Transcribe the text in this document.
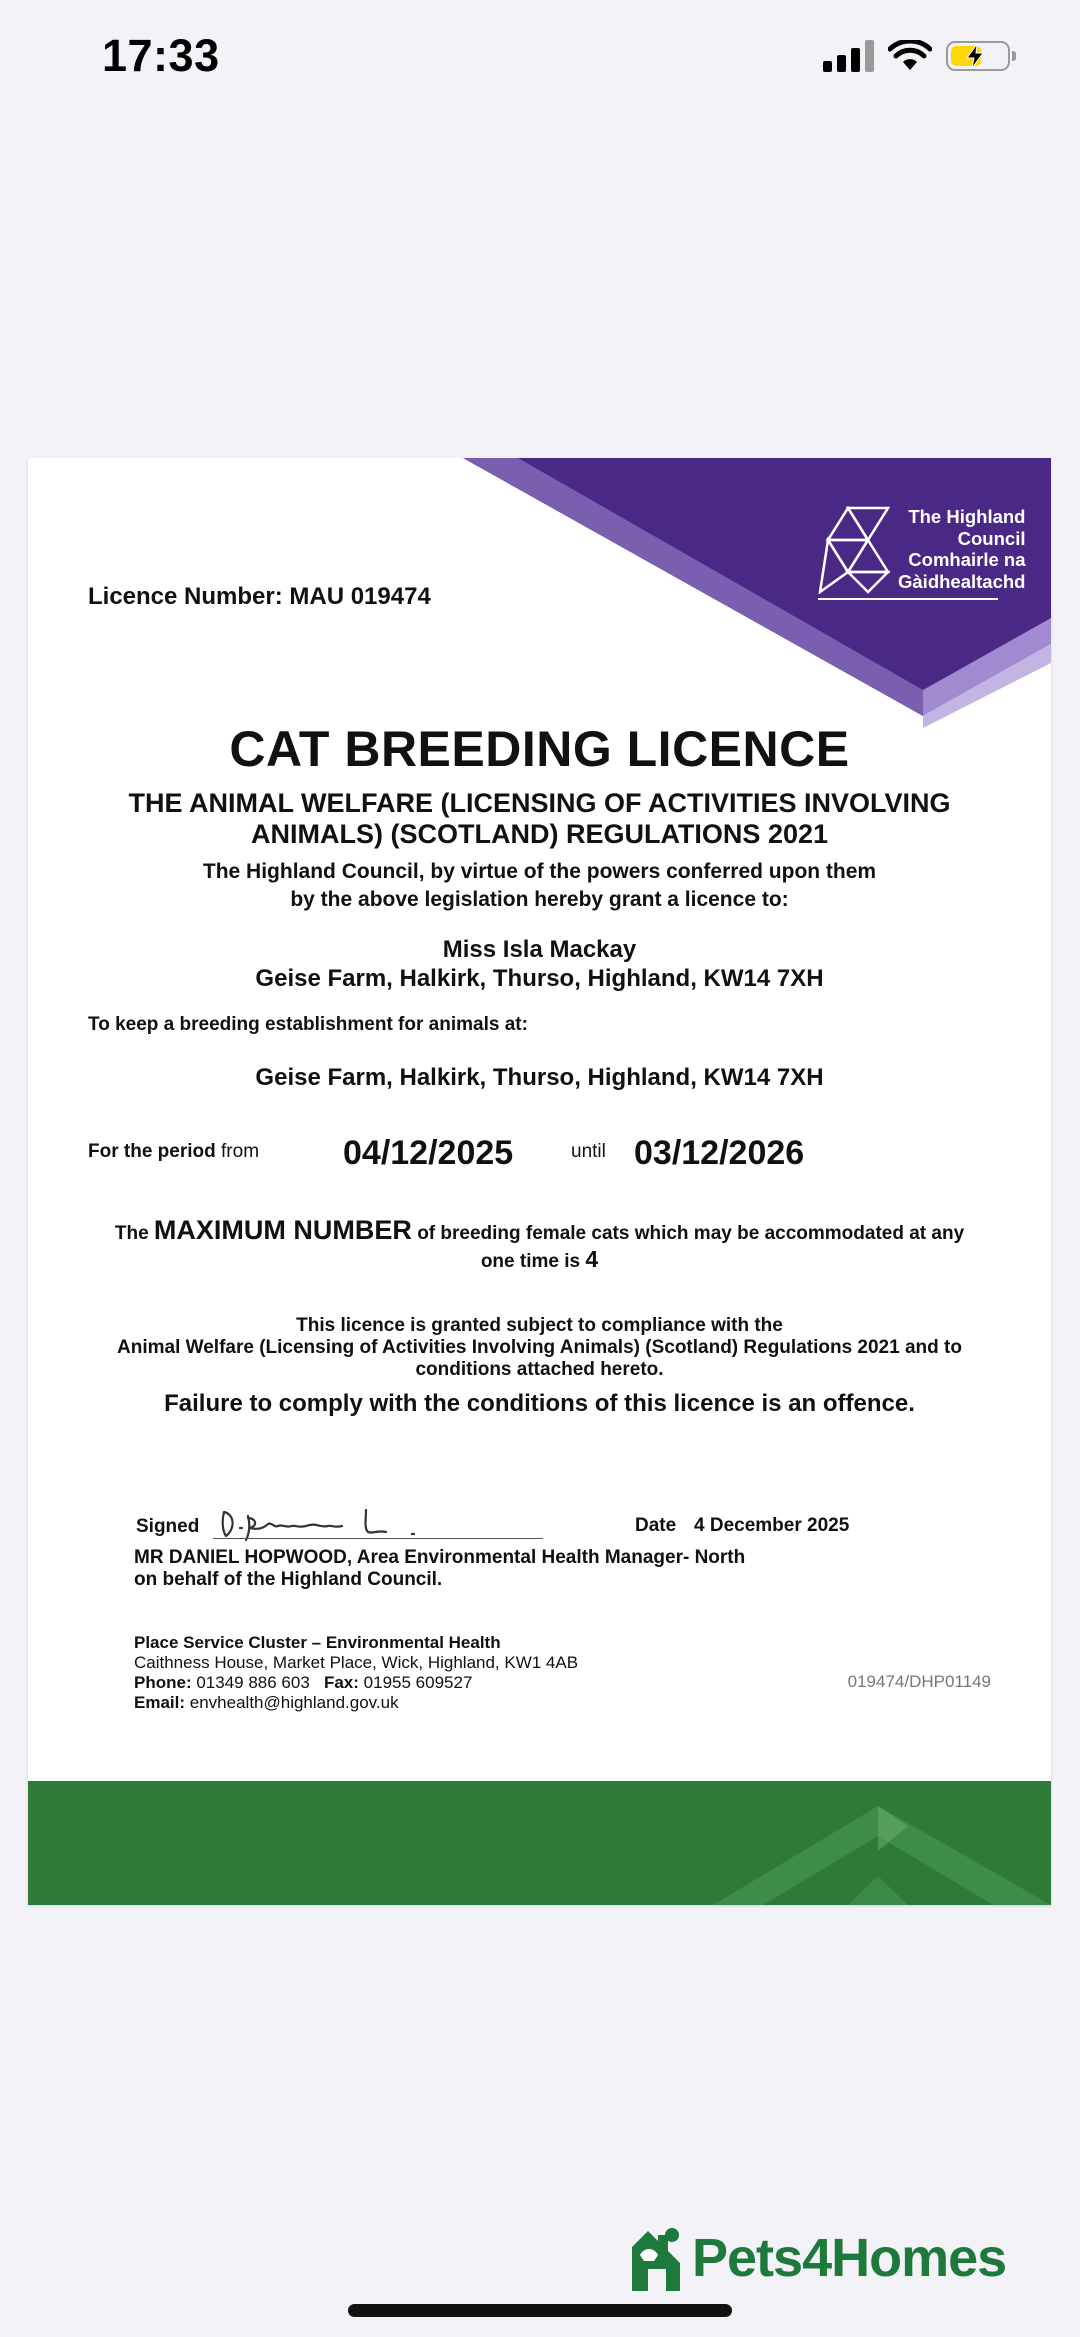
17:33
The Highland
Council
Comhairle na
Gàidhealtachd
Licence Number: MAU 019474
CAT BREEDING LICENCE
THE ANIMAL WELFARE (LICENSING OF ACTIVITIES INVOLVING
ANIMALS) (SCOTLAND) REGULATIONS 2021
The Highland Council, by virtue of the powers conferred upon them
by the above legislation hereby grant a licence to:
Miss Isla Mackay
Geise Farm, Halkirk, Thurso, Highland, KW14 7XH
To keep a breeding establishment for animals at:
Geise Farm, Halkirk, Thurso, Highland, KW14 7XH
For the period from 04/12/2025	until 03/12/2026
The MAXIMUM NUMBER of breeding female cats which may be accommodated at any
one time is 4
This licence is granted subject to compliance with the
Animal Welfare (Licensing of Activities Involving Animals) (Scotland) Regulations 2021 and to
conditions attached hereto.
Failure to comply with the conditions of this licence is an offence.
Signed	Date 4 December 2025
MR DANIEL HOPWOOD, Area Environmental Health Manager- North
on behalf of the Highland Council.
Place Service Cluster – Environmental Health
Caithness House, Market Place, Wick, Highland, KW1 4AB
Phone: 01349 886 603 Fax: 01955 609527
Email: envhealth@highland.gov.uk
019474/DHP01149
Pets4Homes
